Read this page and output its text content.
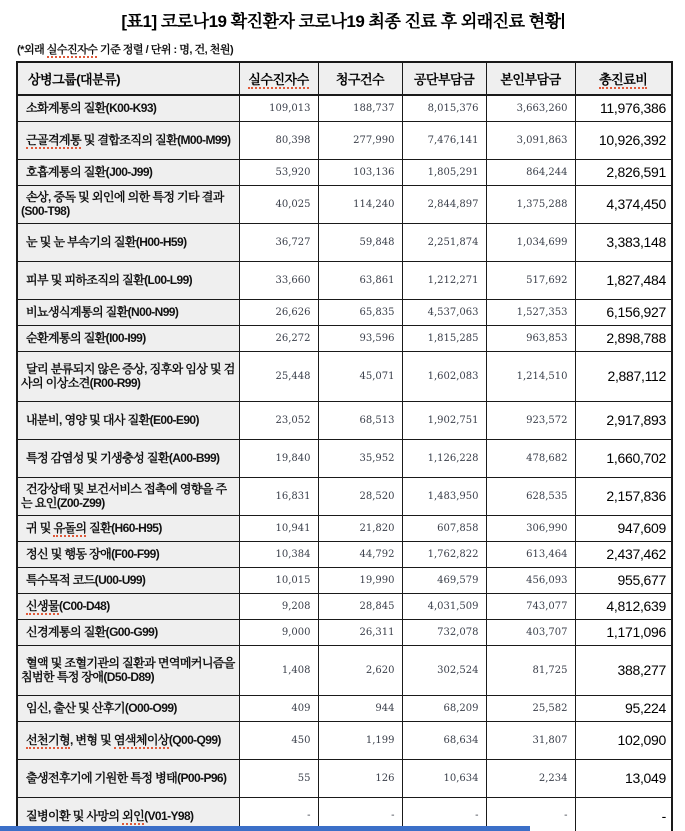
[표1] 코로나19 확진환자 코로나19 최종 진료 후 외래진료 현황
(*외래 실수진자수 기준 정렬 / 단위 : 명, 건, 천원)
상병그룹(대분류)	실수진자수	청구건수	공단부담금	본인부담금	총진료비
소화계통의 질환(K00-K93)	109,013	188,737	8,015,376	3,663,260	11,976,386
근골격계통 및 결합조직의 질환(M00-M99)	80,398	277,990	7,476,141	3,091,863	10,926,392
호흡계통의 질환(J00-J99)	53,920	103,136	1,805,291	864,244	2,826,591
손상, 중독 및 외인에 의한 특정 기타 결과(S00-T98)	40,025	114,240	2,844,897	1,375,288	4,374,450
눈 및 눈 부속기의 질환(H00-H59)	36,727	59,848	2,251,874	1,034,699	3,383,148
피부 및 피하조직의 질환(L00-L99)	33,660	63,861	1,212,271	517,692	1,827,484
비뇨생식계통의 질환(N00-N99)	26,626	65,835	4,537,063	1,527,353	6,156,927
순환계통의 질환(I00-I99)	26,272	93,596	1,815,285	963,853	2,898,788
달리 분류되지 않은 증상, 징후와 임상 및 검사의 이상소견(R00-R99)	25,448	45,071	1,602,083	1,214,510	2,887,112
내분비, 영양 및 대사 질환(E00-E90)	23,052	68,513	1,902,751	923,572	2,917,893
특정 감염성 및 기생충성 질환(A00-B99)	19,840	35,952	1,126,228	478,682	1,660,702
건강상태 및 보건서비스 접촉에 영향을 주는 요인(Z00-Z99)	16,831	28,520	1,483,950	628,535	2,157,836
귀 및 유돌의 질환(H60-H95)	10,941	21,820	607,858	306,990	947,609
정신 및 행동 장애(F00-F99)	10,384	44,792	1,762,822	613,464	2,437,462
특수목적 코드(U00-U99)	10,015	19,990	469,579	456,093	955,677
신생물(C00-D48)	9,208	28,845	4,031,509	743,077	4,812,639
신경계통의 질환(G00-G99)	9,000	26,311	732,078	403,707	1,171,096
혈액 및 조혈기관의 질환과 면역메커니즘을 침범한 특정 장애(D50-D89)	1,408	2,620	302,524	81,725	388,277
임신, 출산 및 산후기(O00-O99)	409	944	68,209	25,582	95,224
선천기형, 변형 및 염색체이상(Q00-Q99)	450	1,199	68,634	31,807	102,090
출생전후기에 기원한 특정 병태(P00-P96)	55	126	10,634	2,234	13,049
질병이환 및 사망의 외인(V01-Y98)	-	-	-	-	-
